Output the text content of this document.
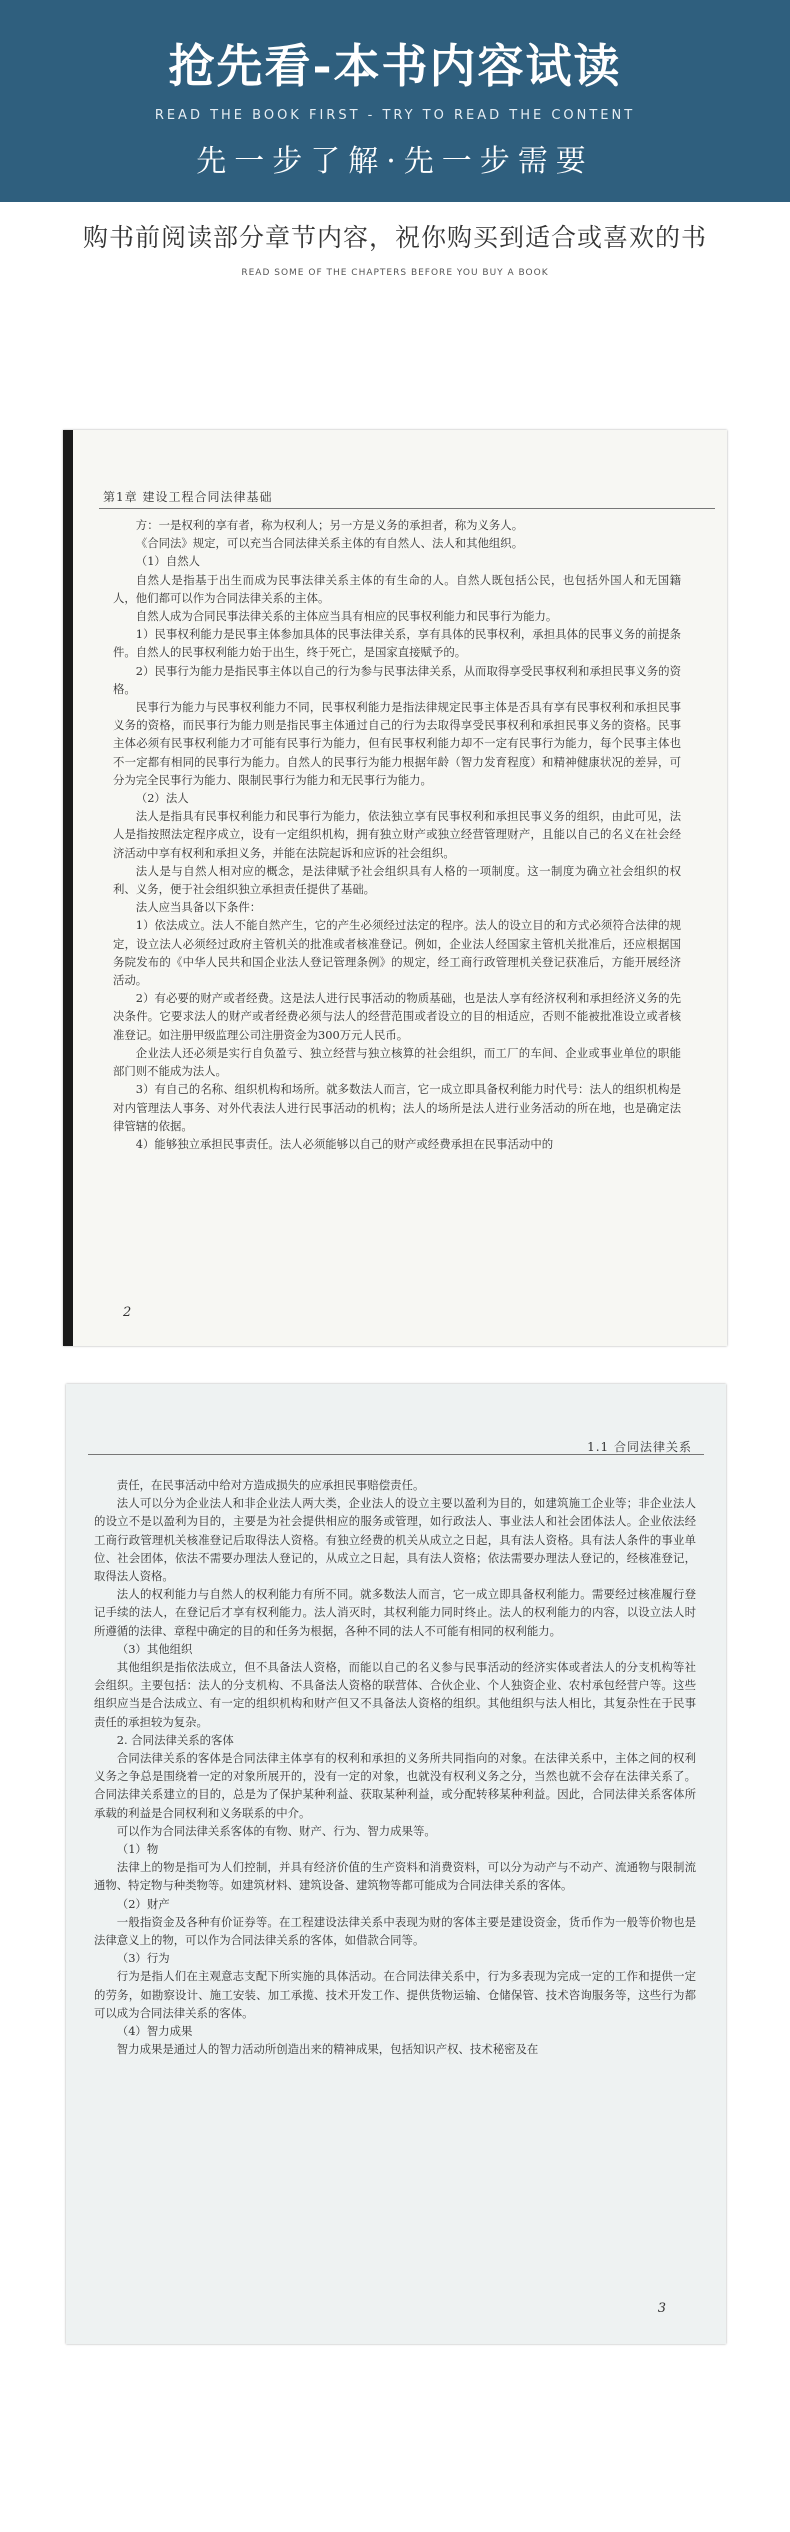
抢先看-本书内容试读
READ THE BOOK FIRST - TRY TO READ THE CONTENT
先一步了解·先一步需要
购书前阅读部分章节内容，祝你购买到适合或喜欢的书
READ SOME OF THE CHAPTERS BEFORE YOU BUY A BOOK
第1章 建设工程合同法律基础

方：一是权利的享有者，称为权利人；另一方是义务的承担者，称为义务人。

《合同法》规定，可以充当合同法律关系主体的有自然人、法人和其他组织。

（1）自然人

自然人是指基于出生而成为民事法律关系主体的有生命的人。自然人既包括公民，也包括外国人和无国籍人，他们都可以作为合同法律关系的主体。

自然人成为合同民事法律关系的主体应当具有相应的民事权利能力和民事行为能力。

1）民事权利能力是民事主体参加具体的民事法律关系，享有具体的民事权利，承担具体的民事义务的前提条件。自然人的民事权利能力始于出生，终于死亡，是国家直接赋予的。

2）民事行为能力是指民事主体以自己的行为参与民事法律关系，从而取得享受民事权利和承担民事义务的资格。

民事行为能力与民事权利能力不同，民事权利能力是指法律规定民事主体是否具有享有民事权利和承担民事义务的资格，而民事行为能力则是指民事主体通过自己的行为去取得享受民事权利和承担民事义务的资格。民事主体必须有民事权利能力才可能有民事行为能力，但有民事权利能力却不一定有民事行为能力，每个民事主体也不一定都有相同的民事行为能力。自然人的民事行为能力根据年龄（智力发育程度）和精神健康状况的差异，可分为完全民事行为能力、限制民事行为能力和无民事行为能力。

（2）法人

法人是指具有民事权利能力和民事行为能力，依法独立享有民事权利和承担民事义务的组织，由此可见，法人是指按照法定程序成立，设有一定组织机构，拥有独立财产或独立经营管理财产，且能以自己的名义在社会经济活动中享有权利和承担义务，并能在法院起诉和应诉的社会组织。

法人是与自然人相对应的概念，是法律赋予社会组织具有人格的一项制度。这一制度为确立社会组织的权利、义务，便于社会组织独立承担责任提供了基础。

法人应当具备以下条件：

1）依法成立。法人不能自然产生，它的产生必须经过法定的程序。法人的设立目的和方式必须符合法律的规定，设立法人必须经过政府主管机关的批准或者核准登记。例如，企业法人经国家主管机关批准后，还应根据国务院发布的《中华人民共和国企业法人登记管理条例》的规定，经工商行政管理机关登记获准后，方能开展经济活动。

2）有必要的财产或者经费。这是法人进行民事活动的物质基础，也是法人享有经济权利和承担经济义务的先决条件。它要求法人的财产或者经费必须与法人的经营范围或者设立的目的相适应，否则不能被批准设立或者核准登记。如注册甲级监理公司注册资金为300万元人民币。

企业法人还必须是实行自负盈亏、独立经营与独立核算的社会组织，而工厂的车间、企业或事业单位的职能部门则不能成为法人。

3）有自己的名称、组织机构和场所。就多数法人而言，它一成立即具备权利能力时代号：法人的组织机构是对内管理法人事务、对外代表法人进行民事活动的机构；法人的场所是法人进行业务活动的所在地，也是确定法律管辖的依据。

4）能够独立承担民事责任。法人必须能够以自己的财产或经费承担在民事活动中的

2
1.1 合同法律关系

责任，在民事活动中给对方造成损失的应承担民事赔偿责任。

法人可以分为企业法人和非企业法人两大类，企业法人的设立主要以盈利为目的，如建筑施工企业等；非企业法人的设立不是以盈利为目的，主要是为社会提供相应的服务或管理，如行政法人、事业法人和社会团体法人。企业依法经工商行政管理机关核准登记后取得法人资格。有独立经费的机关从成立之日起，具有法人资格。具有法人条件的事业单位、社会团体，依法不需要办理法人登记的，从成立之日起，具有法人资格；依法需要办理法人登记的，经核准登记，取得法人资格。

法人的权利能力与自然人的权利能力有所不同。就多数法人而言，它一成立即具备权利能力。需要经过核准履行登记手续的法人，在登记后才享有权利能力。法人消灭时，其权利能力同时终止。法人的权利能力的内容，以设立法人时所遵循的法律、章程中确定的目的和任务为根据，各种不同的法人不可能有相同的权利能力。

（3）其他组织

其他组织是指依法成立，但不具备法人资格，而能以自己的名义参与民事活动的经济实体或者法人的分支机构等社会组织。主要包括：法人的分支机构、不具备法人资格的联营体、合伙企业、个人独资企业、农村承包经营户等。这些组织应当是合法成立、有一定的组织机构和财产但又不具备法人资格的组织。其他组织与法人相比，其复杂性在于民事责任的承担较为复杂。

2. 合同法律关系的客体

合同法律关系的客体是合同法律主体享有的权利和承担的义务所共同指向的对象。在法律关系中，主体之间的权利义务之争总是围绕着一定的对象所展开的，没有一定的对象，也就没有权利义务之分，当然也就不会存在法律关系了。合同法律关系建立的目的，总是为了保护某种利益、获取某种利益，或分配转移某种利益。因此，合同法律关系客体所承载的利益是合同权利和义务联系的中介。

可以作为合同法律关系客体的有物、财产、行为、智力成果等。

（1）物

法律上的物是指可为人们控制，并具有经济价值的生产资料和消费资料，可以分为动产与不动产、流通物与限制流通物、特定物与种类物等。如建筑材料、建筑设备、建筑物等都可能成为合同法律关系的客体。

（2）财产

一般指资金及各种有价证券等。在工程建设法律关系中表现为财的客体主要是建设资金，货币作为一般等价物也是法律意义上的物，可以作为合同法律关系的客体，如借款合同等。

（3）行为

行为是指人们在主观意志支配下所实施的具体活动。在合同法律关系中，行为多表现为完成一定的工作和提供一定的劳务，如勘察设计、施工安装、加工承揽、技术开发工作、提供货物运输、仓储保管、技术咨询服务等，这些行为都可以成为合同法律关系的客体。

（4）智力成果

智力成果是通过人的智力活动所创造出来的精神成果，包括知识产权、技术秘密及在

3
